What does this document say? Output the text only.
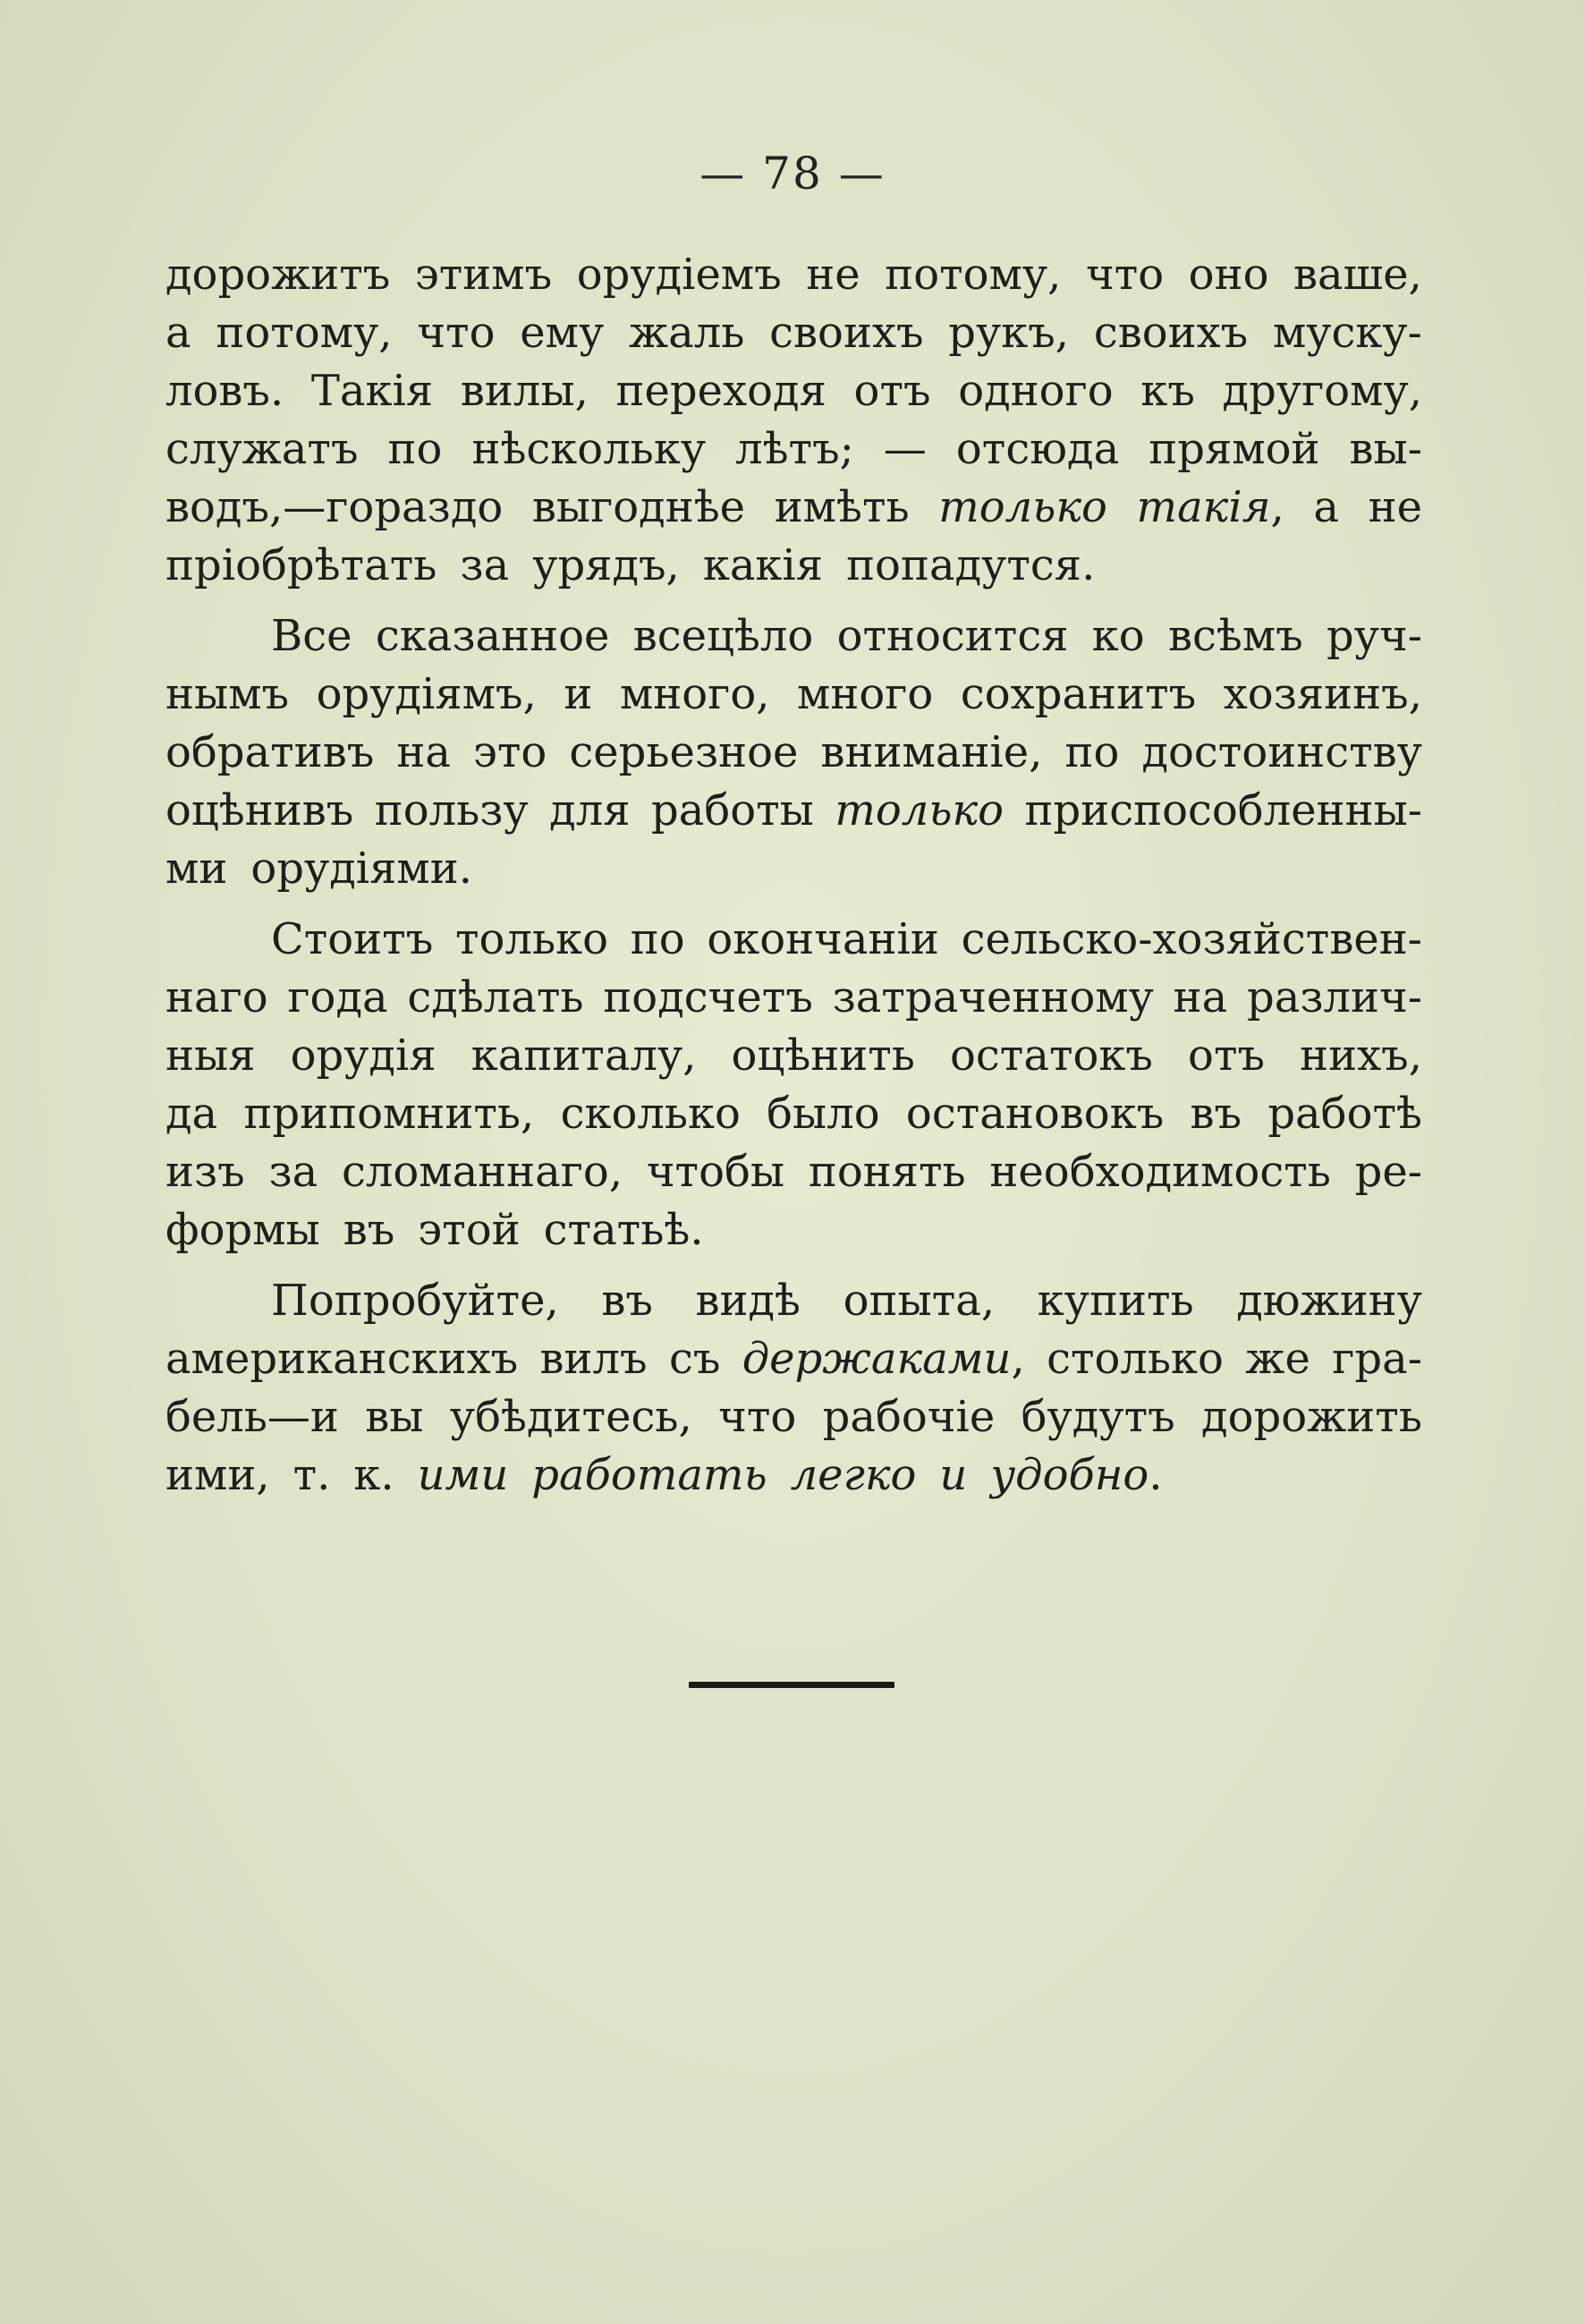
— 78 —
дорожитъ этимъ орудіемъ не потому, что оно ваше,
а потому, что ему жаль своихъ рукъ, своихъ муску-
ловъ. Такія вилы, переходя отъ одного къ другому,
служатъ по нѣскольку лѣтъ; — отсюда прямой вы-
водъ,—гораздо выгоднѣе имѣть только такія, а не
пріобрѣтать за урядъ, какія попадутся.
Все сказанное всецѣло относится ко всѣмъ руч-
нымъ орудіямъ, и много, много сохранитъ хозяинъ,
обративъ на это серьезное вниманіе, по достоинству
оцѣнивъ пользу для работы только приспособленны-
ми орудіями.
Стоитъ только по окончаніи сельско-хозяйствен-
наго года сдѣлать подсчетъ затраченному на различ-
ныя орудія капиталу, оцѣнить остатокъ отъ нихъ,
да припомнить, сколько было остановокъ въ работѣ
изъ за сломаннаго, чтобы понять необходимость ре-
формы въ этой статьѣ.
Попробуйте, въ видѣ опыта, купить дюжину
американскихъ вилъ съ держаками, столько же гра-
бель—и вы убѣдитесь, что рабочіе будутъ дорожить
ими, т. к. ими работать легко и удобно.
